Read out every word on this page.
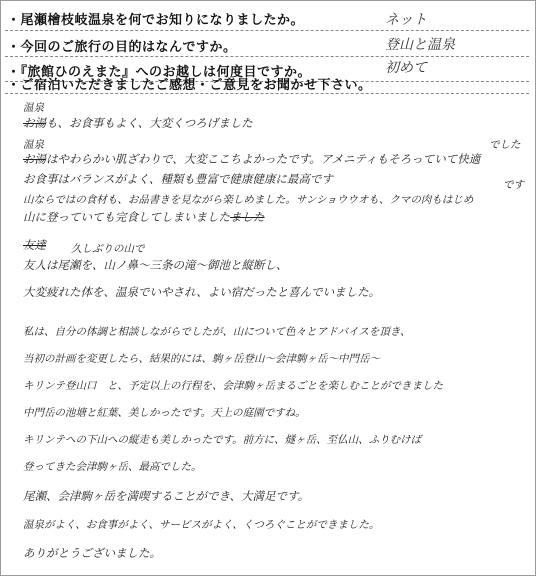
・尾瀬檜枝岐温泉を何でお知りになりましたか。	ネット
・今回のご旅行の目的はなんですか。	登山と温泉
・『旅館ひのえまた』へのお越しは何度目ですか。	初めて
・ご宿泊いただきましたご感想・ご意見をお聞かせ下さい。
温泉
お湯も、お食事もよく、大変くつろげました
温泉	でした
お湯はやわらかい肌ざわりで、大変ここちよかったです。アメニティもそろっていて快適
お食事はバランスがよく、種類も豊富で健康健康に最高です	です
山ならではの食材も、お品書きを見ながら楽しめました。サンショウウオも、クマの肉もはじめ
山に登っていても完食してしまいましたました
友達 久しぶりの山で
友人は尾瀬を、山ノ鼻〜三条の滝〜御池と縦断し、
大変疲れた体を、温泉でいやされ、よい宿だったと喜んでいました。
私は、自分の体調と相談しながらでしたが、山について色々とアドバイスを頂き、
当初の計画を変更したら、結果的には、駒ヶ岳登山〜会津駒ヶ岳〜中門岳〜
キリンテ登山口　と、予定以上の行程を、会津駒ヶ岳まるごとを楽しむことができました
中門岳の池塘と紅葉、美しかったです。天上の庭園ですね。
キリンテへの下山への縦走も美しかったです。前方に、燧ヶ岳、至仏山、ふりむけば
登ってきた会津駒ヶ岳、最高でした。
尾瀬、会津駒ヶ岳を満喫することができ、大満足です。
温泉がよく、お食事がよく、サービスがよく、くつろぐことができました。
ありがとうございました。
